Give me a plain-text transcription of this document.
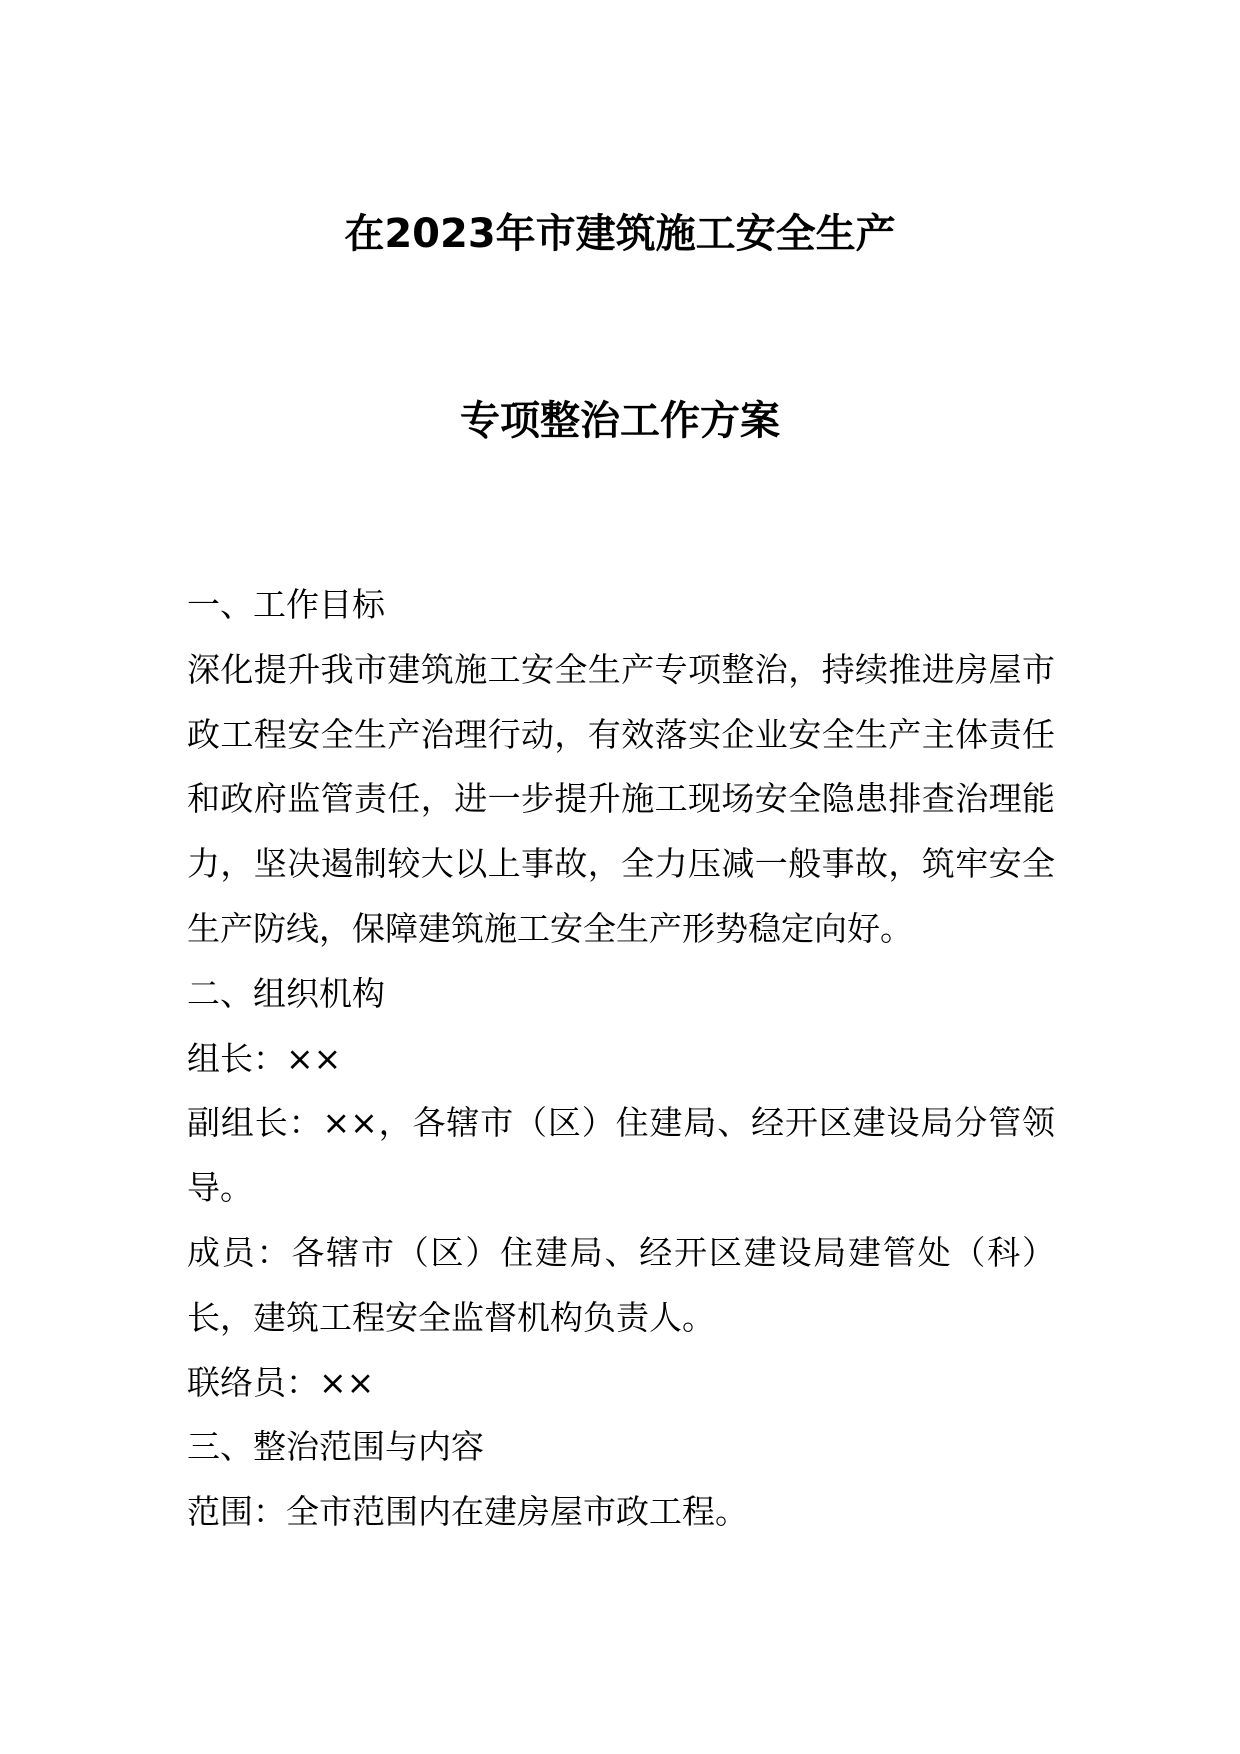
在2023年市建筑施工安全生产
专项整治工作方案
一、工作目标

深化提升我市建筑施工安全生产专项整治，持续推进房屋市政工程安全生产治理行动，有效落实企业安全生产主体责任和政府监管责任，进一步提升施工现场安全隐患排查治理能力，坚决遏制较大以上事故，全力压减一般事故，筑牢安全生产防线，保障建筑施工安全生产形势稳定向好。

二、组织机构

组长：××

副组长：××，各辖市（区）住建局、经开区建设局分管领导。

成员：各辖市（区）住建局、经开区建设局建管处（科）长，建筑工程安全监督机构负责人。

联络员：××

三、整治范围与内容

范围：全市范围内在建房屋市政工程。
